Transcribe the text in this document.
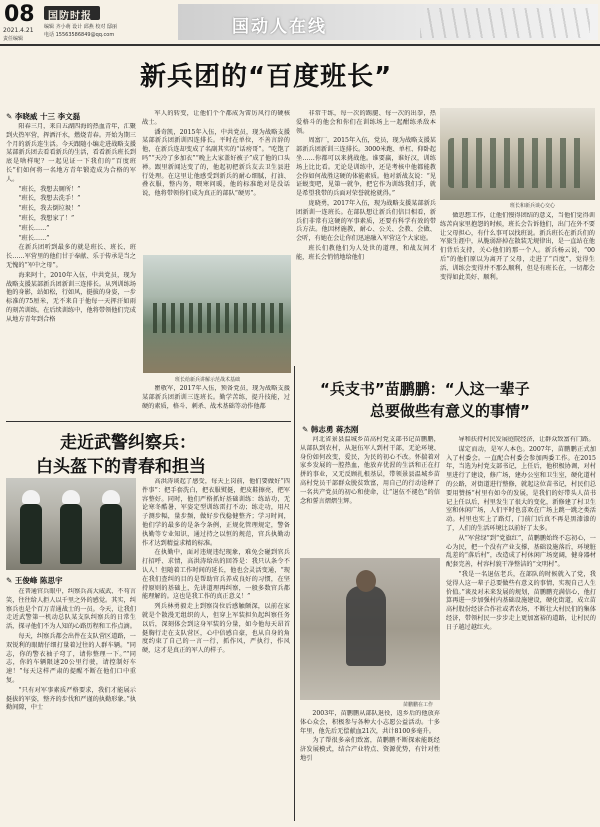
08
2021.4.21
责任编辑
国防时报
编辑 齐小萌 设计 邱燕 校对 邸丽
电话 15563586849@qq.com	国动人在线
新兵团的“百度班长”
✎ 李晓威 十三 李文磊

阳春三月，来自五湖四海的热血青年，汇聚到火热军营，挥洒汗水，燃烧青春。开始为期三个月的新兵连生活。今天跟随小编走进战略支援某部新兵团去看看新兵的生活，看看新兵班长到底是啥样呢？一起见证一下我们的“百度班长”们如何将一名地方青年锻造成为合格的军人。

“班长，我想去厕所！”

“班长，我想去洗手！”

“班长，我去倒垃圾！”

“班长，我想家了！”

“班长……”

“班长……”

在新兵团听到最多的就是班长、班长、班长……军营里的他们甘于奉献、乐于传承是当之无愧的“军中之母”。

海来阿十，2010年入伍，中共党员，现为战略支援某部新兵团新训三连排长。从列训练场他的身影，站如松，行如风，挺拔的身姿，一步标准的75厘米，无不来自于他每一天挥汗如雨的刻苦训练。在后续训练中，他将带领他们完成从地方青年到合格

军人的转变，让他们个个都成为雷厉风行的硬核战士。

潘奇凯，2015年入伍，中共党员，现为战略支援某部新兵团新训四连排长。平时在单位，不善言辞的他，在新兵连却变成了名副其实的“话痨哥”。“吃饱了吗”“天冷了多加衣”“晚上大家盖好被子”成了他的口头禅。跟里新闻达变了的，他起初把新兵友去卫生县进行处理。在这里让他感受到新兵的耐心细腻，打油、叠衣服，整内务，喂寒问暖，他的标准绝对是没话说，他将带领你们成为真正的部队“硬男”。

班长给新兵讲解示范战术基础

瞿敬军，2017年入伍，预备党员，现为战略支援某部新兵团新训三连班长。勤学苦练，提升技能，过硬的素质，格斗、刺杀、战术基础等动作他都

非常干练，每一次的踢腿、每一次的出拳，热爱格斗的他会和你们在训练场上一起酣练杀敌本领。

周富厂，2015年入伍，党员，现为战略支援某部新兵团新训三连排长。3000米跑、单杠、仰卧起坐……你都可以来挑战他。谁要赢，谁好汉，训练场上比比看。无论是训练中，还是考核中他都能教会你如何战胜这硬的体能素质。他对新战友说：“见证蜕变吧，见第一就争，把它作为训练我们手，就是希望我带的兵面对荣誉就抢就得。”

庞晓勇，2017年入伍，现为战略支援某部新兵团新训一连班长。在部队想让新兵们信目相看，新兵们非常有这硬的军事素质，还要有科学有效的带兵方法。他因材施教，耐心、公关、会教、会做、会听，有她在会让你们迅速融入军营这个大家庭。

班长们教他们为人处世的道理，和战友间才能，班长会悄悄地给他们

班长和新兵谈心交心

做思想工作，让他们慢得团结的意义，当他们觉得训练苦向家里抱怨的时候，班长会告诉他们，出门在外不要让父母担心，有什么事可以找班说。新兵班长在新兵们的军旅生涯中，从脆弱辞掉在散装无规律出，是一直站在他们背后支持，关心他们的那一个人。新兵杨云说，“00后”的他们原以为离开了父母，走进了“百度”，觉得生活、训练会变得并不那么顺利，但是有班长在，一切都会变得如此美好、顺利。

“兵支书”苗鹏鹏：“人这一辈子
总要做些有意义的事情”
✎ 韩志勇 蒋杰刚

河北省景县温城乡苗高村党支部书记苗鹏鹏，从部队到农村，从退伍军人到村干部，无论环境、身份如何改变，爱民，为民的初心不改。怀揣着对家乡发展的一腔热血，他放弃优渥的生活和正在打拼的事业，又无反顾扎根基层，带领景县温城乡苗高村党员干部群众脱贫致富，用自己的行动诠释了一名共产党员的初心和使命，让“退伍不褪色”的信念和誓言熠熠生辉。

苗鹏鹏在工作

2003年，苗鹏鹏从部队退役，返乡后的他放弃体心众会，积极参与各种大小志愿公益活动。十多年里，他先后无偿献血21次，共计8100多毫升。

为了帮很多亲们致富，苗鹏鹏不断探索能既经济发展模式，结合产业特点、资源优势，有针对性地引

导和扶持村民发展庭院经济，让群众致富有门路。

谋定而动，是军人本色。2007年，苗鹏鹏正式加入了村委会。一直配合村委会参加两委工作。在2015年，当选为村党支部书记，上任后，他积极协调，对村里进行了建设，修广场，建办公室和卫生室，硬化道村的公路，对街道进行整修，就起这位苗书记，村民们总要用赞扬“村里有如今的发展，是我们的好带头人苗书记上任以后，村里发生了很大的变化，新修建了村卫生室和休闲广场，人们平时也喜欢在广场上跳一跳之类活动。村里也实上了路灯，门前门后真不再是黑漆漆的了，人们的生活环境比以前好了太多。

从“军营绿”到“党旗红”，苗鹏鹏始终不忘初心，一心为民，把一个没有产业支撑，基础设施落后，环境脏乱差的“落后村”，改造成了村休闲广场宽阔，健身器材配套完善，村容村貌干净整洁的“文明村”。

“我是一名退伍老兵，在部队的时候就入了党，我觉得人这一辈子总要做些有意义的事情，实现自己人生价值。”谈及对未来发展的规划，苗鹏鹏充满信心，他打算再进一步加强村内基础设施建设，硬化街道，成立苗高村股份经济合作社或者农场，不断壮大村民们的集体经济，带领村民一步步走上更加富裕的道路，让村民的日子越过越红火。

走近武警纠察兵：
白头盔下的青春和担当
✎ 王俊峰 陈思宇

在普通官兵眼中，纠察兵高大威武、不苟言笑，往往给人拒人以千里之外的感觉。其实，纠察兵也是个百万青通战士的一员。今天，让我们走近武警第一机动总队某支队纠察兵的日常生活，探寻他们不为人知的心路历程和工作点滴。

每天，纠察兵都会出件在支队营区道路，一双锐利的眼睛仔细打量着过往的人群车辆。“同志，你的警衣袖子弯了，请你整理一下。”“同志，你的车辆限速20公里行驶，请控制好车速！”每天这样严肃的提醒不断在他们口中重复。

“只有对军事素质严格要求，我们才能展示挺拔的军姿，整齐的步伐和严谨的执勤形象。”执勤间隙，中士

高洪涛谈起了感受，每天上岗前，他们要做好“四件事”：把手套洗白，把衣服熨挺，把皮鞋擦亮，把军容整好。同时，他们严格抓好基础训练：练站功，无论寒冬酷暑，军姿定型训练雷打不动；练走功，用尺子测步幅，量步频，做好步伐稳健整齐；学习时间，他们学的最多的是条令条例，正规化管理规定，警备执勤等专业知识，通过持之以恒的规范，官兵执勤动作才达到精益求精的标准。

在执勤中，面对违规违纪现象，难免会碰到官兵打招呼、求情，高洪涛给出的回答是：我只认条令不认人！但随着工作时间的延长，他也会灵活变通，“现在我们查纠的目的是帮助官兵养成良好的习惯，在坚持原则的基础上，先讲道理再纠察，一般多数官兵都能理解的。这也是我工作的真正意义！”

列兵林勇毅走上到察岗位后感触颇深，以前在家就是个散漫无组织的人，但穿上军装担负起纠察任务以后，深刻体会到这身军装的分量，如今他每天昂首挺胸行走在支队营区，心中倍感自豪，也从自身的角度约束了自己的一言一行，抓作风，严执行，作风硬，这才是真正的军人的样子。
